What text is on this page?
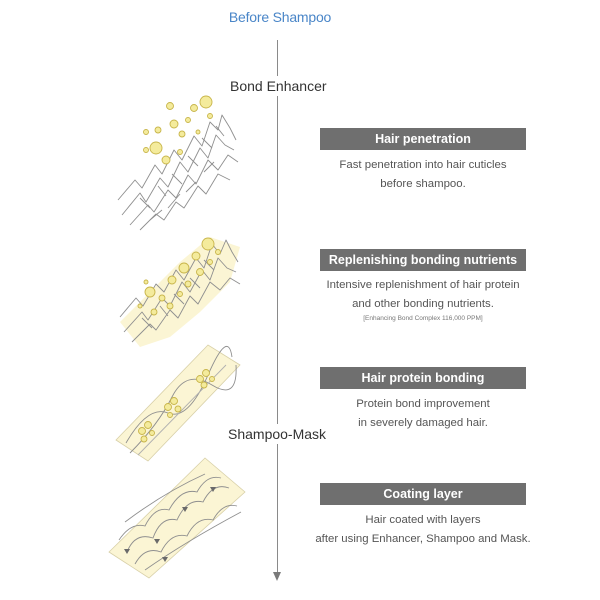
Before Shampoo
Bond Enhancer
Shampoo-Mask
Hair penetration
Fast penetration into hair cuticles
before shampoo.
Replenishing bonding nutrients
Intensive replenishment of hair protein
and other bonding nutrients.
[Enhancing Bond Complex 116,000 PPM]
Hair protein bonding
Protein bond improvement
in severely damaged hair.
Coating layer
Hair coated with layers
after using Enhancer, Shampoo and Mask.
